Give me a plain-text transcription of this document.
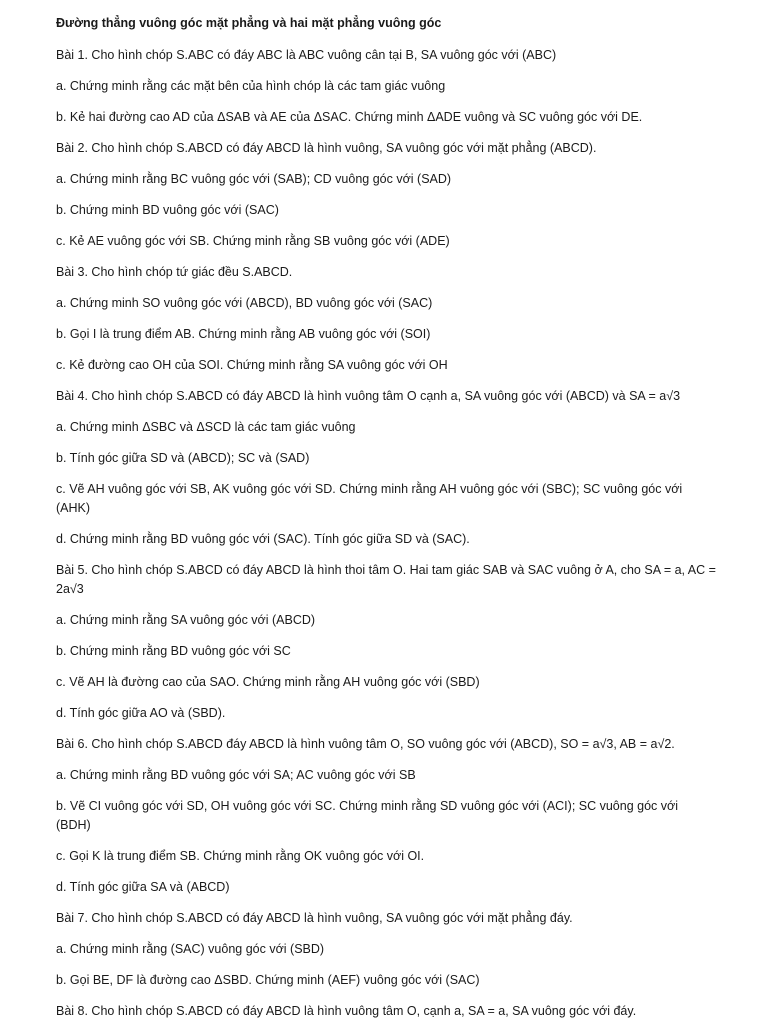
Đường thẳng vuông góc mặt phẳng và hai mặt phẳng vuông góc

Bài 1. Cho hình chóp S.ABC có đáy ABC là ABC vuông cân tại B, SA vuông góc với (ABC)

a. Chứng minh rằng các mặt bên của hình chóp là các tam giác vuông

b. Kẻ hai đường cao AD của ΔSAB và AE của ΔSAC. Chứng minh ΔADE vuông và SC vuông góc với DE.

Bài 2. Cho hình chóp S.ABCD có đáy ABCD là hình vuông, SA vuông góc với mặt phẳng (ABCD).

a. Chứng minh rằng BC vuông góc với (SAB); CD vuông góc với (SAD)

b. Chứng minh BD vuông góc với (SAC)

c. Kẻ AE vuông góc với SB. Chứng minh rằng SB vuông góc với (ADE)

Bài 3. Cho hình chóp tứ giác đều S.ABCD.

a. Chứng minh SO vuông góc với (ABCD), BD vuông góc với (SAC)

b. Gọi I là trung điểm AB. Chứng minh rằng AB vuông góc với (SOI)

c. Kẻ đường cao OH của SOI. Chứng minh rằng SA vuông góc với OH

Bài 4. Cho hình chóp S.ABCD có đáy ABCD là hình vuông tâm O cạnh a, SA vuông góc với (ABCD) và SA = a√3

a. Chứng minh ΔSBC và ΔSCD là các tam giác vuông

b. Tính góc giữa SD và (ABCD); SC và (SAD)

c. Vẽ AH vuông góc với SB, AK vuông góc với SD. Chứng minh rằng AH vuông góc với (SBC); SC vuông góc với (AHK)

d. Chứng minh rằng BD vuông góc với (SAC). Tính góc giữa SD và (SAC).

Bài 5. Cho hình chóp S.ABCD có đáy ABCD là hình thoi tâm O. Hai tam giác SAB và SAC vuông ở A, cho SA = a, AC = 2a√3

a. Chứng minh rằng SA vuông góc với (ABCD)

b. Chứng minh rằng BD vuông góc với SC

c. Vẽ AH là đường cao của SAO. Chứng minh rằng AH vuông góc với (SBD)

d. Tính góc giữa AO và (SBD).

Bài 6. Cho hình chóp S.ABCD đáy ABCD là hình vuông tâm O, SO vuông góc với (ABCD), SO = a√3, AB = a√2.

a. Chứng minh rằng BD vuông góc với SA; AC vuông góc với SB

b. Vẽ CI vuông góc với SD, OH vuông góc với SC. Chứng minh rằng SD vuông góc với (ACI); SC vuông góc với (BDH)

c. Gọi K là trung điểm SB. Chứng minh rằng OK vuông góc với OI.

d. Tính góc giữa SA và (ABCD)

Bài 7. Cho hình chóp S.ABCD có đáy ABCD là hình vuông, SA vuông góc với mặt phẳng đáy.

a. Chứng minh rằng (SAC) vuông góc với (SBD)

b. Gọi BE, DF là đường cao ΔSBD. Chứng minh (AEF) vuông góc với (SAC)

Bài 8. Cho hình chóp S.ABCD có đáy ABCD là hình vuông tâm O, cạnh a, SA = a, SA vuông góc với đáy.
